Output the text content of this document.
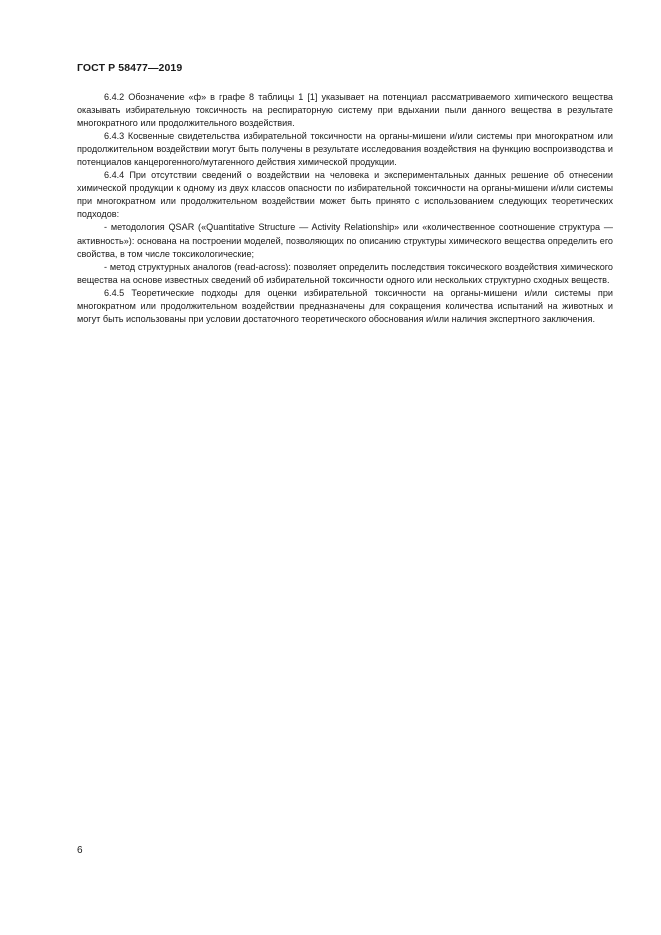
ГОСТ Р 58477—2019

6.4.2 Обозначение «ф» в графе 8 таблицы 1 [1] указывает на потенциал рассматриваемого хиmического вещества оказывать избирательную токсичность на респираторную систему при вдыхании пыли данного вещества в результате многократного или продолжительного воздействия.

6.4.3 Косвенные свидетельства избирательной токсичности на органы-мишени и/или системы при многократном или продолжительном воздействии могут быть получены в результате исследования воздействия на функцию воспроизводства и потенциалов канцерогенного/мутагенного действия химической продукции.

6.4.4 При отсутствии сведений о воздействии на человека и экспериментальных данных решение об отнесении химической продукции к одному из двух классов опасности по избирательной токсичности на органы-мишени и/или системы при многократном или продолжительном воздействии может быть принято с использованием следующих теоретических подходов:

- методология QSAR («Quantitative Structure — Activity Relationship» или «количественное соотношение структура — активность»): основана на построении моделей, позволяющих по описанию структуры химического вещества определить его свойства, в том числе токсикологические;

- метод структурных аналогов (read-across): позволяет определить последствия токсического воздействия химического вещества на основе известных сведений об избирательной токсичности одного или нескольких структурно сходных веществ.

6.4.5 Теоретические подходы для оценки избирательной токсичности на органы-мишени и/или системы при многократном или продолжительном воздействии предназначены для сокращения количества испытаний на животных и могут быть использованы при условии достаточного теоретического обоснования и/или наличия экспертного заключения.

6
